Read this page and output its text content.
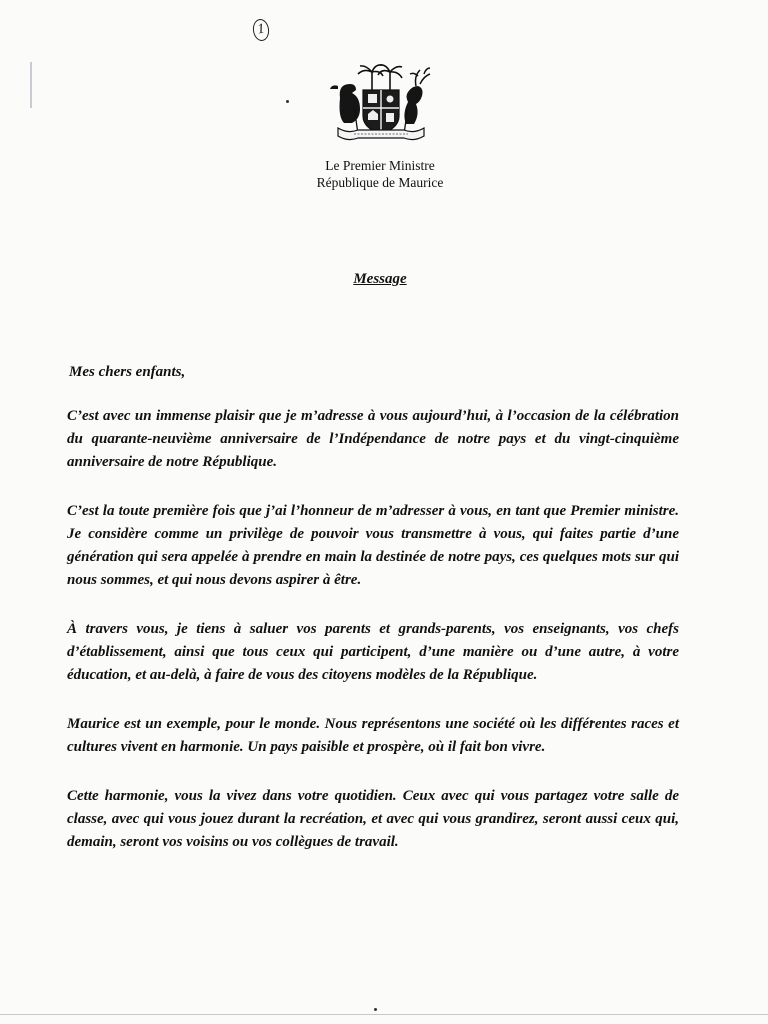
1
Le Premier Ministre
République de Maurice
Message
Mes chers enfants,
C’est avec un immense plaisir que je m’adresse à vous aujourd’hui, à l’occasion de la célébration du quarante-neuvième anniversaire de l’Indépendance de notre pays et du vingt-cinquième anniversaire de notre République.
C’est la toute première fois que j’ai l’honneur de m’adresser à vous, en tant que Premier ministre. Je considère comme un privilège de pouvoir vous transmettre à vous, qui faites partie d’une génération qui sera appelée à prendre en main la destinée de notre pays, ces quelques mots sur qui nous sommes, et qui nous devons aspirer à être.
À travers vous, je tiens à saluer vos parents et grands-parents, vos enseignants, vos chefs d’établissement, ainsi que tous ceux qui participent, d’une manière ou d’une autre, à votre éducation, et au-delà, à faire de vous des citoyens modèles de la République.
Maurice est un exemple, pour le monde. Nous représentons une société où les différentes races et cultures vivent en harmonie. Un pays paisible et prospère, où il fait bon vivre.
Cette harmonie, vous la vivez dans votre quotidien. Ceux avec qui vous partagez votre salle de classe, avec qui vous jouez durant la recréation, et avec qui vous grandirez, seront aussi ceux qui, demain, seront vos voisins ou vos collègues de travail.
